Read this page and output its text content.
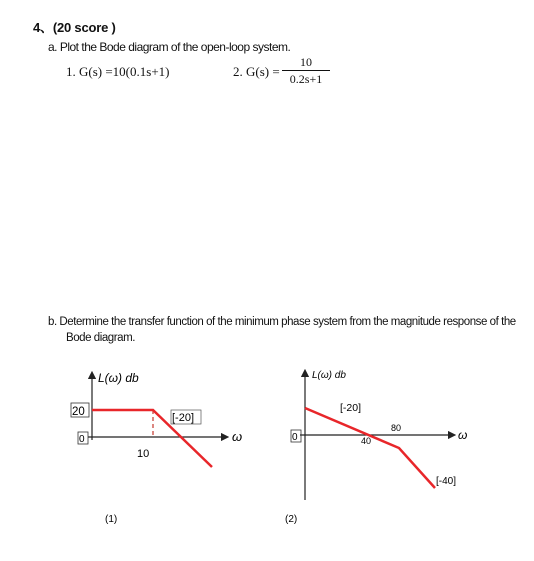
4、(20 score )
a. Plot the Bode diagram of the open-loop system.
1. G(s) =10(0.1s+1)	2. G(s) =
10
0.2s+1
b. Determine the transfer function of the minimum phase system from the magnitude response of the
Bode diagram.
20
0
L(ω) db
ω
10
[-20]
(1)
0
L(ω) db
ω
[-20]
40
80
[-40]
(2)
